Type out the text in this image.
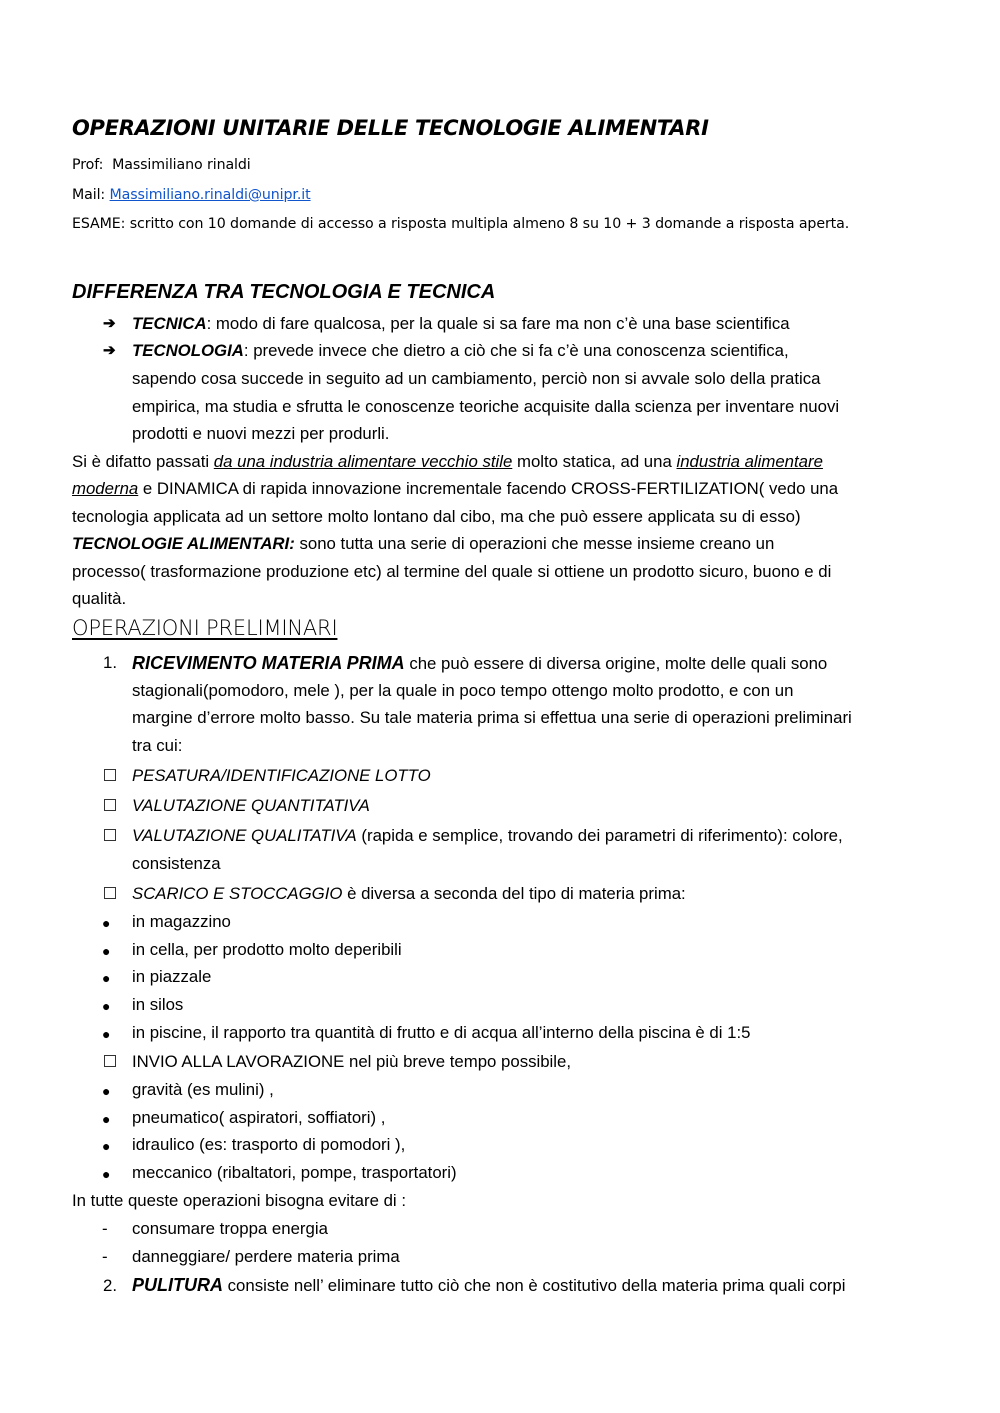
OPERAZIONI UNITARIE DELLE TECNOLOGIE ALIMENTARI
Prof: Massimiliano rinaldi
Mail: Massimiliano.rinaldi@unipr.it
ESAME: scritto con 10 domande di accesso a risposta multipla almeno 8 su 10 + 3 domande a risposta aperta.
DIFFERENZA TRA TECNOLOGIA E TECNICA
➔ TECNICA: modo di fare qualcosa, per la quale si sa fare ma non c’è una base scientifica
➔ TECNOLOGIA: prevede invece che dietro a ciò che si fa c’è una conoscenza scientifica,
sapendo cosa succede in seguito ad un cambiamento, perciò non si avvale solo della pratica
empirica, ma studia e sfrutta le conoscenze teoriche acquisite dalla scienza per inventare nuovi
prodotti e nuovi mezzi per produrli.
Si è difatto passati da una industria alimentare vecchio stile molto statica, ad una industria alimentare
moderna e DINAMICA di rapida innovazione incrementale facendo CROSS-FERTILIZATION( vedo una
tecnologia applicata ad un settore molto lontano dal cibo, ma che può essere applicata su di esso)
TECNOLOGIE ALIMENTARI: sono tutta una serie di operazioni che messe insieme creano un
processo( trasformazione produzione etc) al termine del quale si ottiene un prodotto sicuro, buono e di
qualità.
OPERAZIONI PRELIMINARI
1. RICEVIMENTO MATERIA PRIMA che può essere di diversa origine, molte delle quali sono
stagionali(pomodoro, mele ), per la quale in poco tempo ottengo molto prodotto, e con un
margine d’errore molto basso. Su tale materia prima si effettua una serie di operazioni preliminari
tra cui:
PESATURA/IDENTIFICAZIONE LOTTO
VALUTAZIONE QUANTITATIVA
VALUTAZIONE QUALITATIVA (rapida e semplice, trovando dei parametri di riferimento): colore,
consistenza
SCARICO E STOCCAGGIO è diversa a seconda del tipo di materia prima:
● in magazzino
● in cella, per prodotto molto deperibili
● in piazzale
● in silos
● in piscine, il rapporto tra quantità di frutto e di acqua all’interno della piscina è di 1:5
INVIO ALLA LAVORAZIONE nel più breve tempo possibile,
● gravità (es mulini) ,
● pneumatico( aspiratori, soffiatori) ,
● idraulico (es: trasporto di pomodori ),
● meccanico (ribaltatori, pompe, trasportatori)
In tutte queste operazioni bisogna evitare di :
- consumare troppa energia
- danneggiare/ perdere materia prima
2. PULITURA consiste nell’ eliminare tutto ciò che non è costitutivo della materia prima quali corpi
